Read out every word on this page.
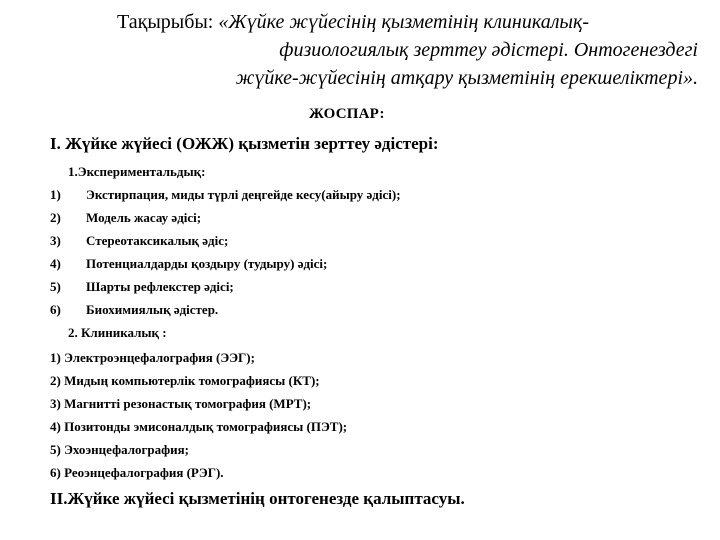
Тақырыбы: «Жүйке жүйесінің қызметінің клиникалық-
физиологиялық зерттеу әдістері. Онтогенездегі
жүйке-жүйесінің атқару қызметінің ерекшеліктері».
ЖОСПАР:
I. Жүйке жүйесі (ОЖЖ) қызметін зерттеу әдістері:
1.Экспериментальдық:
1)	Экстирпация, миды түрлі деңгейде кесу(айыру әдісі);
2)	Модель жасау әдісі;
3)	Стереотаксикалық әдіс;
4)	Потенциалдарды қоздыру (тудыру) әдісі;
5)	Шарты рефлекстер әдісі;
6)	Биохимиялық әдістер.
2. Клиникалық :
1) Электроэнцефалография (ЭЭГ);
2) Мидың компьютерлік томографиясы (КТ);
3) Магнитті резонастық томография (МРТ);
4) Позитонды эмисоналдық томографиясы (ПЭТ);
5) Эхоэнцефалография;
6) Реоэнцефалография (РЭГ).
II.Жүйке жүйесі қызметінің онтогенезде қалыптасуы.
